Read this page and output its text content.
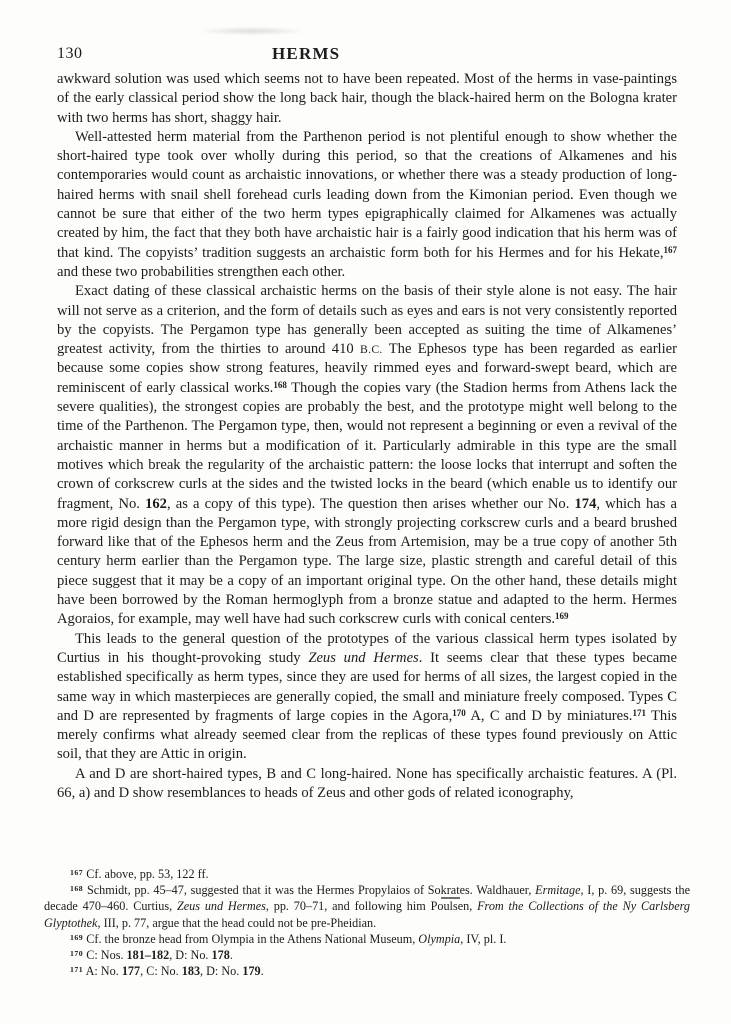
130	HERMS

awkward solution was used which seems not to have been repeated. Most of the herms in vase-paintings of the early classical period show the long back hair, though the black-haired herm on the Bologna krater with two herms has short, shaggy hair.

Well-attested herm material from the Parthenon period is not plentiful enough to show whether the short-haired type took over wholly during this period, so that the creations of Alkamenes and his contemporaries would count as archaistic innovations, or whether there was a steady production of long-haired herms with snail shell forehead curls leading down from the Kimonian period. Even though we cannot be sure that either of the two herm types epigraphically claimed for Alkamenes was actually created by him, the fact that they both have archaistic hair is a fairly good indication that his herm was of that kind. The copyists’ tradition suggests an archaistic form both for his Hermes and for his Hekate,$^{167}$ and these two probabilities strengthen each other.

Exact dating of these classical archaistic herms on the basis of their style alone is not easy. The hair will not serve as a criterion, and the form of details such as eyes and ears is not very consistently reported by the copyists. The Pergamon type has generally been accepted as suiting the time of Alkamenes’ greatest activity, from the thirties to around 410 B.C. The Ephesos type has been regarded as earlier because some copies show strong features, heavily rimmed eyes and forward-swept beard, which are reminiscent of early classical works.$^{168}$ Though the copies vary (the Stadion herms from Athens lack the severe qualities), the strongest copies are probably the best, and the prototype might well belong to the time of the Parthenon. The Pergamon type, then, would not represent a beginning or even a revival of the archaistic manner in herms but a modification of it. Particularly admirable in this type are the small motives which break the regularity of the archaistic pattern: the loose locks that interrupt and soften the crown of corkscrew curls at the sides and the twisted locks in the beard (which enable us to identify our fragment, No. 162, as a copy of this type). The question then arises whether our No. 174, which has a more rigid design than the Pergamon type, with strongly projecting corkscrew curls and a beard brushed forward like that of the Ephesos herm and the Zeus from Artemision, may be a true copy of another 5th century herm earlier than the Pergamon type. The large size, plastic strength and careful detail of this piece suggest that it may be a copy of an important original type. On the other hand, these details might have been borrowed by the Roman hermoglyph from a bronze statue and adapted to the herm. Hermes Agoraios, for example, may well have had such corkscrew curls with conical centers.$^{169}$

This leads to the general question of the prototypes of the various classical herm types isolated by Curtius in his thought-provoking study Zeus und Hermes. It seems clear that these types became established specifically as herm types, since they are used for herms of all sizes, the largest copied in the same way in which masterpieces are generally copied, the small and miniature freely composed. Types C and D are represented by fragments of large copies in the Agora,$^{170}$ A, C and D by miniatures.$^{171}$ This merely confirms what already seemed clear from the replicas of these types found previously on Attic soil, that they are Attic in origin.

A and D are short-haired types, B and C long-haired. None has specifically archaistic features. A (Pl. 66, a) and D show resemblances to heads of Zeus and other gods of related iconography,

$^{167}$ Cf. above, pp. 53, 122 ff.

$^{168}$ Schmidt, pp. 45–47, suggested that it was the Hermes Propylaios of Sokrates. Waldhauer, Ermitage, I, p. 69, suggests the decade 470–460. Curtius, Zeus und Hermes, pp. 70–71, and following him Poulsen, From the Collections of the Ny Carlsberg Glyptothek, III, p. 77, argue that the head could not be pre-Pheidian.

$^{169}$ Cf. the bronze head from Olympia in the Athens National Museum, Olympia, IV, pl. I.

$^{170}$ C: Nos. 181–182, D: No. 178.

$^{171}$ A: No. 177, C: No. 183, D: No. 179.
